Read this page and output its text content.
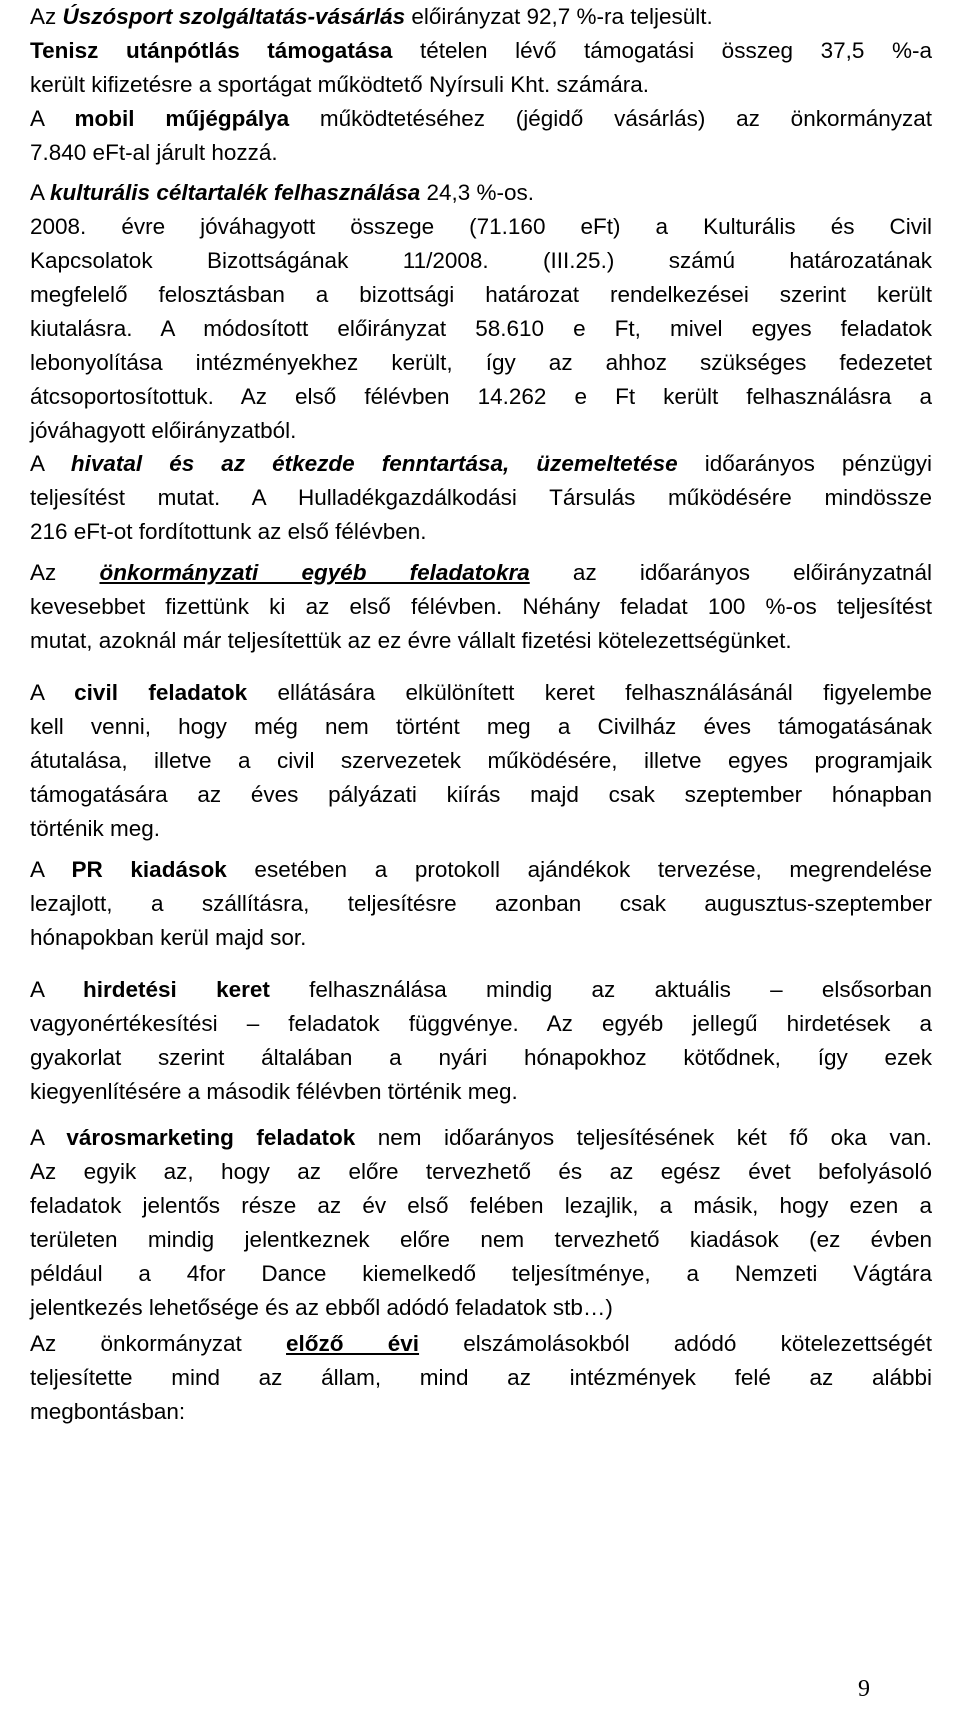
Az Úszósport szolgáltatás-vásárlás előirányzat 92,7 %-ra teljesült.
Tenisz utánpótlás támogatása tételen lévő támogatási összeg 37,5 %-a
került kifizetésre a sportágat működtető Nyírsuli Kht. számára.
A mobil műjégpálya működtetéséhez (jégidő vásárlás) az önkormányzat
7.840 eFt-al járult hozzá.
A kulturális céltartalék felhasználása 24,3 %-os.
2008. évre jóváhagyott összege (71.160 eFt) a Kulturális és Civil
Kapcsolatok Bizottságának 11/2008. (III.25.) számú határozatának
megfelelő felosztásban a bizottsági határozat rendelkezései szerint került
kiutalásra. A módosított előirányzat 58.610 e Ft, mivel egyes feladatok
lebonyolítása intézményekhez került, így az ahhoz szükséges fedezetet
átcsoportosítottuk. Az első félévben 14.262 e Ft került felhasználásra a
jóváhagyott előirányzatból.
A hivatal és az étkezde fenntartása, üzemeltetése időarányos pénzügyi
teljesítést mutat. A Hulladékgazdálkodási Társulás működésére mindössze
216 eFt-ot fordítottunk az első félévben.
Az önkormányzati egyéb feladatokra az időarányos előirányzatnál
kevesebbet fizettünk ki az első félévben. Néhány feladat 100 %-os teljesítést
mutat, azoknál már teljesítettük az ez évre vállalt fizetési kötelezettségünket.
A civil feladatok ellátására elkülönített keret felhasználásánál figyelembe
kell venni, hogy még nem történt meg a Civilház éves támogatásának
átutalása, illetve a civil szervezetek működésére, illetve egyes programjaik
támogatására az éves pályázati kiírás majd csak szeptember hónapban
történik meg.
A PR kiadások esetében a protokoll ajándékok tervezése, megrendelése
lezajlott, a szállításra, teljesítésre azonban csak augusztus-szeptember
hónapokban kerül majd sor.
A hirdetési keret felhasználása mindig az aktuális – elsősorban
vagyonértékesítési – feladatok függvénye. Az egyéb jellegű hirdetések a
gyakorlat szerint általában a nyári hónapokhoz kötődnek, így ezek
kiegyenlítésére a második félévben történik meg.
A városmarketing feladatok nem időarányos teljesítésének két fő oka van.
Az egyik az, hogy az előre tervezhető és az egész évet befolyásoló
feladatok jelentős része az év első felében lezajlik, a másik, hogy ezen a
területen mindig jelentkeznek előre nem tervezhető kiadások (ez évben
például a 4for Dance kiemelkedő teljesítménye, a Nemzeti Vágtára
jelentkezés lehetősége és az ebből adódó feladatok stb…)
Az önkormányzat előző évi elszámolásokból adódó kötelezettségét
teljesítette mind az állam, mind az intézmények felé az alábbi
megbontásban:
9
